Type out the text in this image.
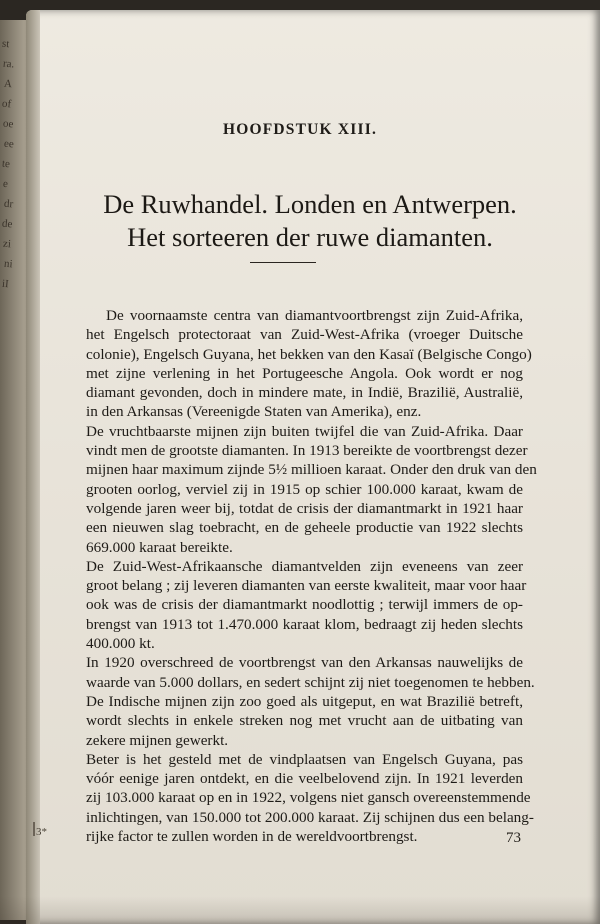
st
ra.
A
of
oe
ee
te
e
dr
de
zi
ni
iI
HOOFDSTUK XIII.
De Ruwhandel. Londen en Antwerpen.
Het sorteeren der ruwe diamanten.
De voornaamste centra van diamantvoortbrengst zijn Zuid-Afrika,
het Engelsch protectoraat van Zuid-West-Afrika (vroeger Duitsche
colonie), Engelsch Guyana, het bekken van den Kasaï (Belgische Congo)
met zijne verlening in het Portugeesche Angola. Ook wordt er nog
diamant gevonden, doch in mindere mate, in Indië, Brazilië, Australië,
in den Arkansas (Vereenigde Staten van Amerika), enz.
De vruchtbaarste mijnen zijn buiten twijfel die van Zuid-Afrika. Daar
vindt men de grootste diamanten. In 1913 bereikte de voortbrengst dezer
mijnen haar maximum zijnde 5½ millioen karaat. Onder den druk van den
grooten oorlog, verviel zij in 1915 op schier 100.000 karaat, kwam de
volgende jaren weer bij, totdat de crisis der diamantmarkt in 1921 haar
een nieuwen slag toebracht, en de geheele productie van 1922 slechts
669.000 karaat bereikte.
De Zuid-West-Afrikaansche diamantvelden zijn eveneens van zeer
groot belang ; zij leveren diamanten van eerste kwaliteit, maar voor haar
ook was de crisis der diamantmarkt noodlottig ; terwijl immers de op-
brengst van 1913 tot 1.470.000 karaat klom, bedraagt zij heden slechts
400.000 kt.
In 1920 overschreed de voortbrengst van den Arkansas nauwelijks de
waarde van 5.000 dollars, en sedert schijnt zij niet toegenomen te hebben.
De Indische mijnen zijn zoo goed als uitgeput, en wat Brazilië betreft,
wordt slechts in enkele streken nog met vrucht aan de uitbating van
zekere mijnen gewerkt.
Beter is het gesteld met de vindplaatsen van Engelsch Guyana, pas
vóór eenige jaren ontdekt, en die veelbelovend zijn. In 1921 leverden
zij 103.000 karaat op en in 1922, volgens niet gansch overeenstemmende
inlichtingen, van 150.000 tot 200.000 karaat. Zij schijnen dus een belang-
rijke factor te zullen worden in de wereldvoortbrengst.
3*	73
